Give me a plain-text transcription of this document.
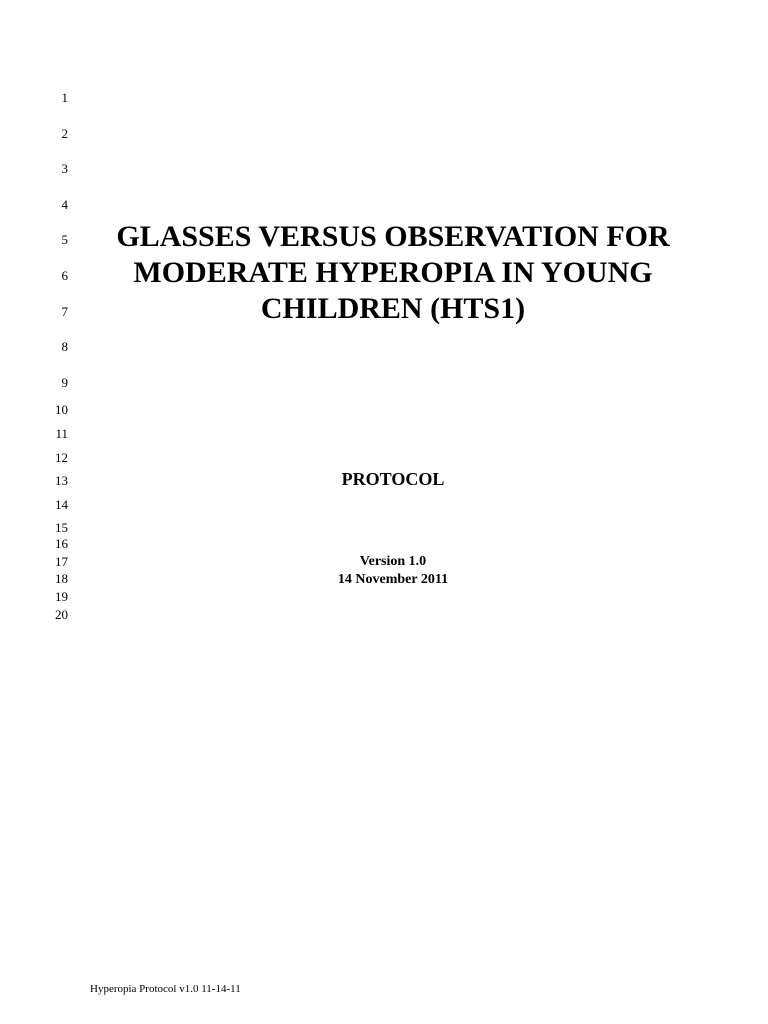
1
2
3
4
5
6
7
8
9
10
11
12
13
14
15
16
17
18
19
20
GLASSES VERSUS OBSERVATION FOR
MODERATE HYPEROPIA IN YOUNG
CHILDREN (HTS1)
PROTOCOL
Version 1.0
14 November 2011
Hyperopia Protocol v1.0 11-14-11
